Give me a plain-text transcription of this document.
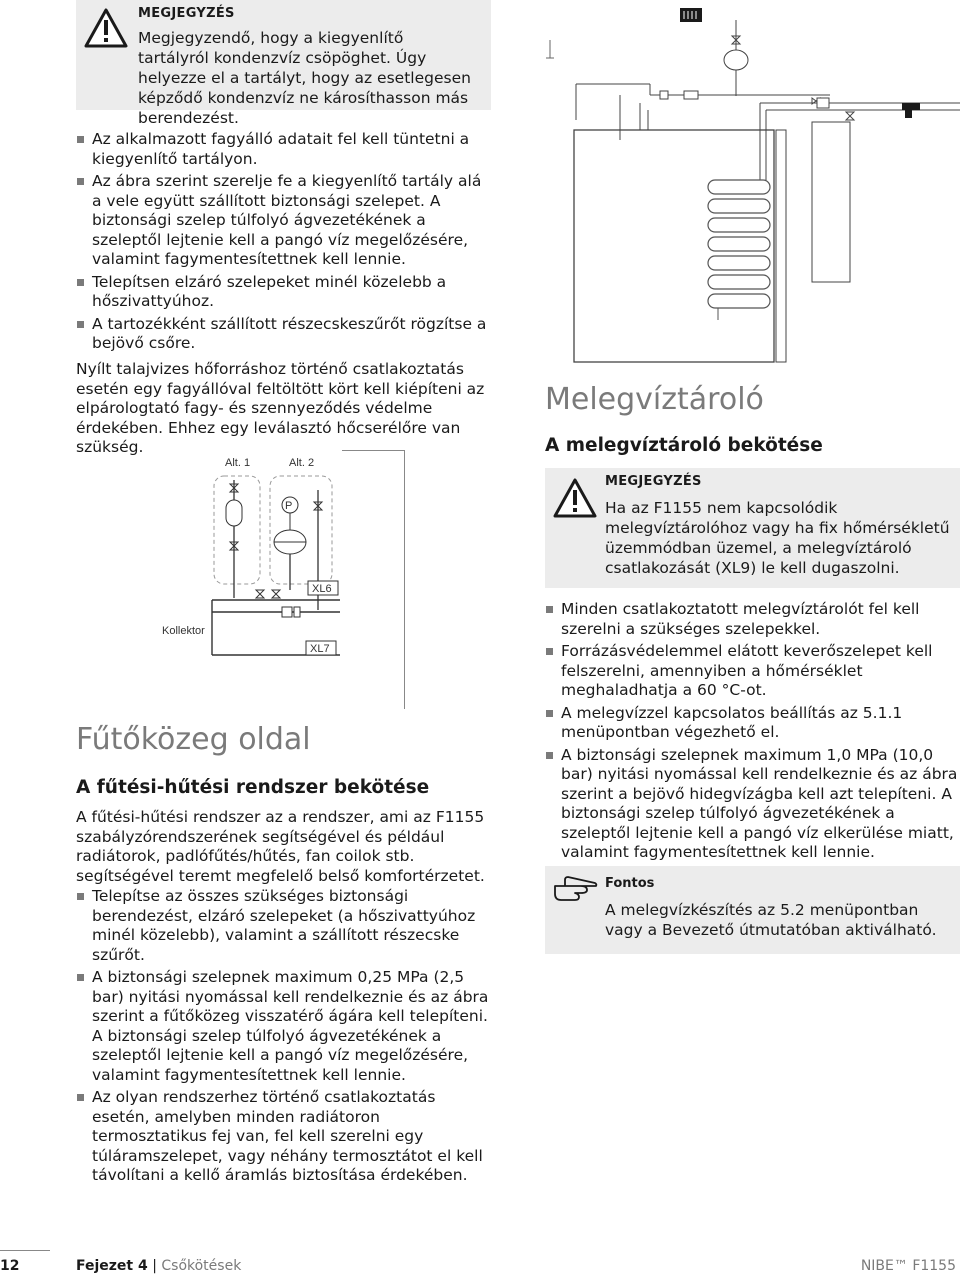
MEGJEGYZÉS
Megjegyzendő, hogy a kiegyenlítő tartályról kondenzvíz csöpöghet. Úgy helyezze el a tartályt, hogy az esetlegesen képződő kondenzvíz ne károsíthasson más berendezést.
Az alkalmazott fagyálló adatait fel kell tüntetni a kiegyenlítő tartályon.
Az ábra szerint szerelje fe a kiegyenlítő tartály alá a vele együtt szállított biztonsági szelepet. A biztonsági szelep túlfolyó ágvezetékének a szeleptől lejtenie kell a pangó víz megelőzésére, valamint fagymentesítettnek kell lennie.
Telepítsen elzáró szelepeket minél közelebb a hőszivattyúhoz.
A tartozékként szállított részecskeszűrőt rögzítse a bejövő csőre.
Nyílt talajvizes hőforráshoz történő csatlakoztatás esetén egy fagyállóval feltöltött kört kell kiépíteni az elpárologtató fagy- és szennyeződés védelme érdekében. Ehhez egy leválasztó hőcserélőre van szükség.
Alt. 1	Alt. 2
P
XL6
XL7
Kollektor
Fűtőközeg oldal
A fűtési-hűtési rendszer bekötése
A fűtési-hűtési rendszer az a rendszer, ami az F1155 szabályzórendszerének segítségével és például radiátorok, padlófűtés/hűtés, fan coilok stb. segítségével teremt megfelelő belső komfortérzetet.
Telepítse az összes szükséges biztonsági berendezést, elzáró szelepeket (a hőszivattyúhoz minél közelebb), valamint a szállított részecske szűrőt.
A biztonsági szelepnek maximum 0,25 MPa (2,5 bar) nyitási nyomással kell rendelkeznie és az ábra szerint a fűtőközeg visszatérő ágára kell telepíteni. A biztonsági szelep túlfolyó ágvezetékének a szeleptől lejtenie kell a pangó víz megelőzésére, valamint fagymentesítettnek kell lennie.
Az olyan rendszerhez történő csatlakoztatás esetén, amelyben minden radiátoron termosztatikus fej van, fel kell szerelni egy túláramszelepet, vagy néhány termosztátot el kell távolítani a kellő áramlás biztosítása érdekében.
Melegvíztároló
A melegvíztároló bekötése
MEGJEGYZÉS
Ha az F1155 nem kapcsolódik melegvíztárolóhoz vagy ha fix hőmérsékletű üzemmódban üzemel, a melegvíztároló csatlakozását (XL9) le kell dugaszolni.
Minden csatlakoztatott melegvíztárolót fel kell szerelni a szükséges szelepekkel.
Forrázásvédelemmel elátott keverőszelepet kell felszerelni, amennyiben a hőmérséklet meghaladhatja a 60 °C-ot.
A melegvízzel kapcsolatos beállítás az 5.1.1 menüpontban végezhető el.
A biztonsági szelepnek maximum 1,0 MPa (10,0 bar) nyitási nyomással kell rendelkeznie és az ábra szerint a bejövő hidegvízágba kell azt telepíteni. A biztonsági szelep túlfolyó ágvezetékének a szeleptől lejtenie kell a pangó víz elkerülése miatt, valamint fagymentesítettnek kell lennie.
Fontos
A melegvízkészítés az 5.2 menüpontban vagy a Bevezető útmutatóban aktiválható.
12	Fejezet 4 | Csőkötések	NIBE™ F1155
